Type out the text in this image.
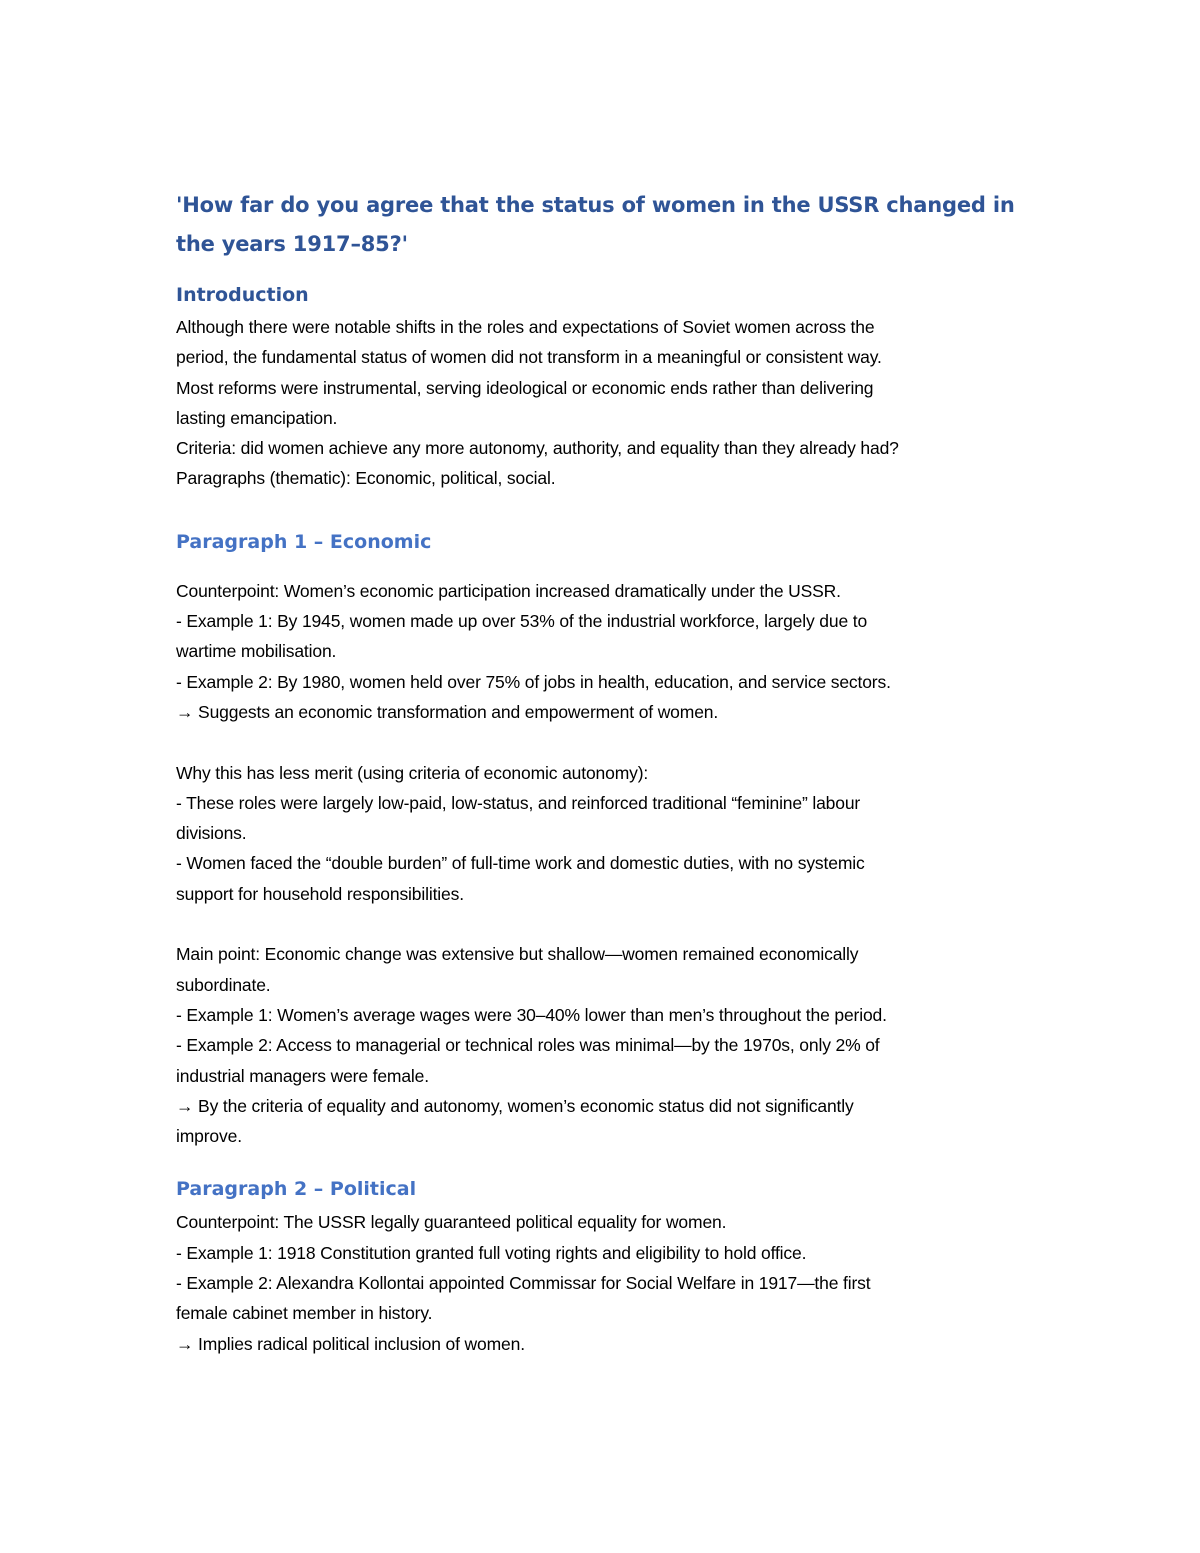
'How far do you agree that the status of women in the USSR changed in
the years 1917–85?'
Introduction
Although there were notable shifts in the roles and expectations of Soviet women across the
period, the fundamental status of women did not transform in a meaningful or consistent way.
Most reforms were instrumental, serving ideological or economic ends rather than delivering
lasting emancipation.
Criteria: did women achieve any more autonomy, authority, and equality than they already had?
Paragraphs (thematic): Economic, political, social.
Paragraph 1 – Economic
Counterpoint: Women’s economic participation increased dramatically under the USSR.
- Example 1: By 1945, women made up over 53% of the industrial workforce, largely due to
wartime mobilisation.
- Example 2: By 1980, women held over 75% of jobs in health, education, and service sectors.
→ Suggests an economic transformation and empowerment of women.
Why this has less merit (using criteria of economic autonomy):
- These roles were largely low-paid, low-status, and reinforced traditional “feminine” labour
divisions.
- Women faced the “double burden” of full-time work and domestic duties, with no systemic
support for household responsibilities.
Main point: Economic change was extensive but shallow—women remained economically
subordinate.
- Example 1: Women’s average wages were 30–40% lower than men’s throughout the period.
- Example 2: Access to managerial or technical roles was minimal—by the 1970s, only 2% of
industrial managers were female.
→ By the criteria of equality and autonomy, women’s economic status did not significantly
improve.
Paragraph 2 – Political
Counterpoint: The USSR legally guaranteed political equality for women.
- Example 1: 1918 Constitution granted full voting rights and eligibility to hold office.
- Example 2: Alexandra Kollontai appointed Commissar for Social Welfare in 1917—the first
female cabinet member in history.
→ Implies radical political inclusion of women.
